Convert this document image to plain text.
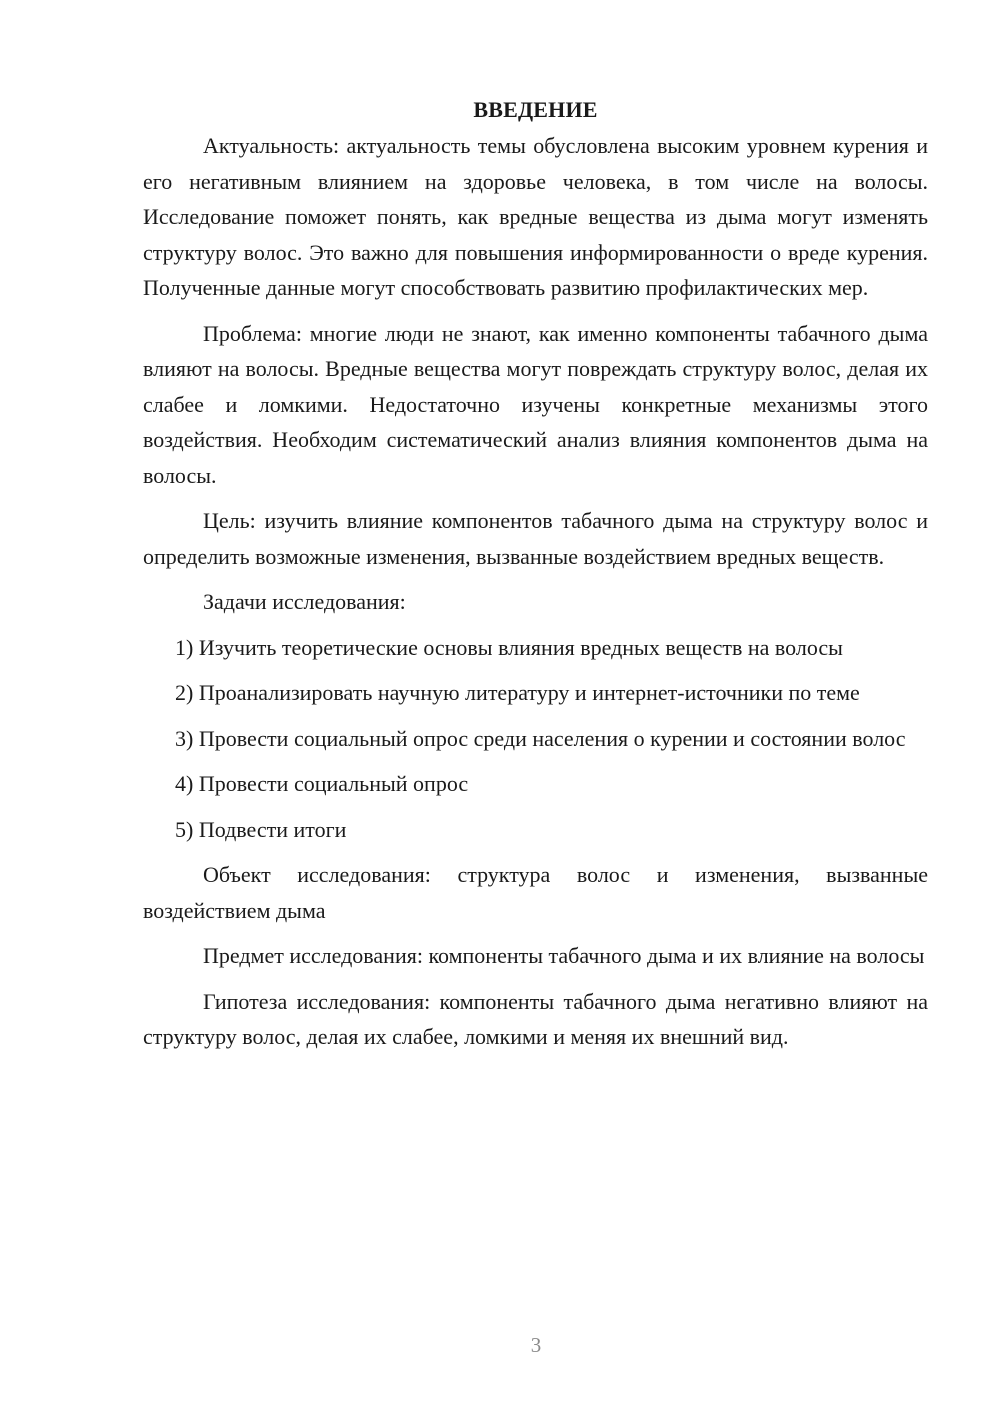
ВВЕДЕНИЕ

Актуальность: актуальность темы обусловлена высоким уровнем курения и его негативным влиянием на здоровье человека, в том числе на волосы. Исследование поможет понять, как вредные вещества из дыма могут изменять структуру волос. Это важно для повышения информированности о вреде курения. Полученные данные могут способствовать развитию профилактических мер.

Проблема: многие люди не знают, как именно компоненты табачного дыма влияют на волосы. Вредные вещества могут повреждать структуру волос, делая их слабее и ломкими. Недостаточно изучены конкретные механизмы этого воздействия. Необходим систематический анализ влияния компонентов дыма на волосы.

Цель: изучить влияние компонентов табачного дыма на структуру волос и определить возможные изменения, вызванные воздействием вредных веществ.

Задачи исследования:

1) Изучить теоретические основы влияния вредных веществ на волосы

2) Проанализировать научную литературу и интернет-источники по теме

3) Провести социальный опрос среди населения о курении и состоянии волос

4) Провести социальный опрос

5) Подвести итоги

Объект исследования: структура волос и изменения, вызванные воздействием дыма

Предмет исследования: компоненты табачного дыма и их влияние на волосы

Гипотеза исследования: компоненты табачного дыма негативно влияют на структуру волос, делая их слабее, ломкими и меняя их внешний вид.

3
